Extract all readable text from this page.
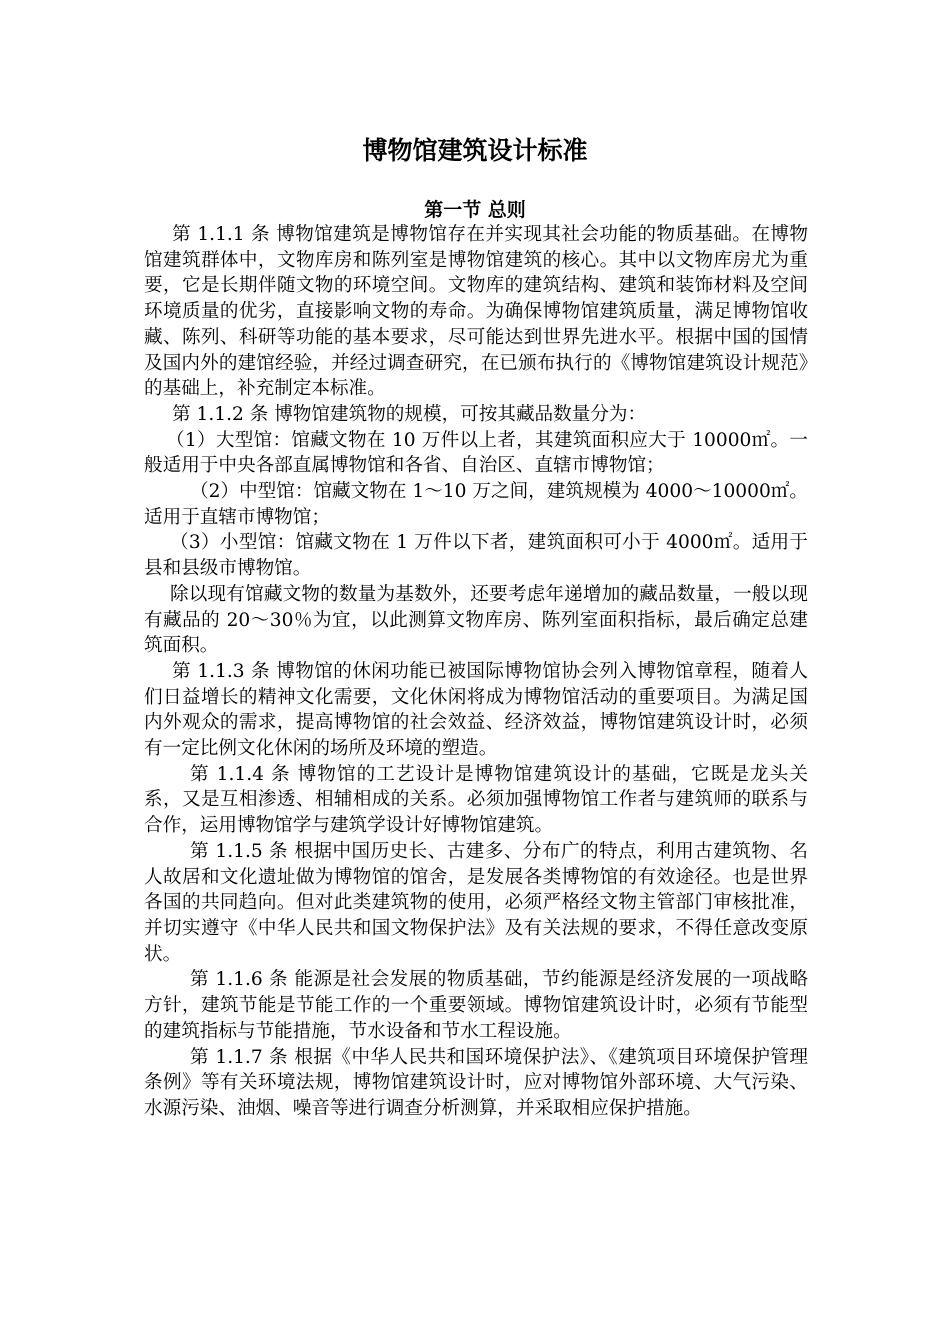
博物馆建筑设计标准
第一节 总则

第 1.1.1 条 博物馆建筑是博物馆存在并实现其社会功能的物质基础。在博物馆建筑群体中，文物库房和陈列室是博物馆建筑的核心。其中以文物库房尤为重要，它是长期伴随文物的环境空间。文物库的建筑结构、建筑和装饰材料及空间环境质量的优劣，直接影响文物的寿命。为确保博物馆建筑质量，满足博物馆收藏、陈列、科研等功能的基本要求，尽可能达到世界先进水平。根据中国的国情及国内外的建馆经验，并经过调查研究，在已颁布执行的《博物馆建筑设计规范》的基础上，补充制定本标准。

第 1.1.2 条 博物馆建筑物的规模，可按其藏品数量分为：

（1）大型馆：馆藏文物在 10 万件以上者，其建筑面积应大于 10000㎡。一般适用于中央各部直属博物馆和各省、自治区、直辖市博物馆；

（2）中型馆：馆藏文物在 1～10 万之间，建筑规模为 4000～10000㎡。适用于直辖市博物馆；

（3）小型馆：馆藏文物在 1 万件以下者，建筑面积可小于 4000㎡。适用于县和县级市博物馆。

除以现有馆藏文物的数量为基数外，还要考虑年递增加的藏品数量，一般以现有藏品的 20～30％为宜，以此测算文物库房、陈列室面积指标，最后确定总建筑面积。

第 1.1.3 条 博物馆的休闲功能已被国际博物馆协会列入博物馆章程，随着人们日益增长的精神文化需要，文化休闲将成为博物馆活动的重要项目。为满足国内外观众的需求，提高博物馆的社会效益、经济效益，博物馆建筑设计时，必须有一定比例文化休闲的场所及环境的塑造。

第 1.1.4 条 博物馆的工艺设计是博物馆建筑设计的基础，它既是龙头关系，又是互相渗透、相辅相成的关系。必须加强博物馆工作者与建筑师的联系与合作，运用博物馆学与建筑学设计好博物馆建筑。

第 1.1.5 条 根据中国历史长、古建多、分布广的特点，利用古建筑物、名人故居和文化遗址做为博物馆的馆舍，是发展各类博物馆的有效途径。也是世界各国的共同趋向。但对此类建筑物的使用，必须严格经文物主管部门审核批准，并切实遵守《中华人民共和国文物保护法》及有关法规的要求，不得任意改变原状。

第 1.1.6 条 能源是社会发展的物质基础，节约能源是经济发展的一项战略方针，建筑节能是节能工作的一个重要领域。博物馆建筑设计时，必须有节能型的建筑指标与节能措施，节水设备和节水工程设施。

第 1.1.7 条 根据《中华人民共和国环境保护法》、《建筑项目环境保护管理条例》等有关环境法规，博物馆建筑设计时，应对博物馆外部环境、大气污染、水源污染、油烟、噪音等进行调查分析测算，并采取相应保护措施。
